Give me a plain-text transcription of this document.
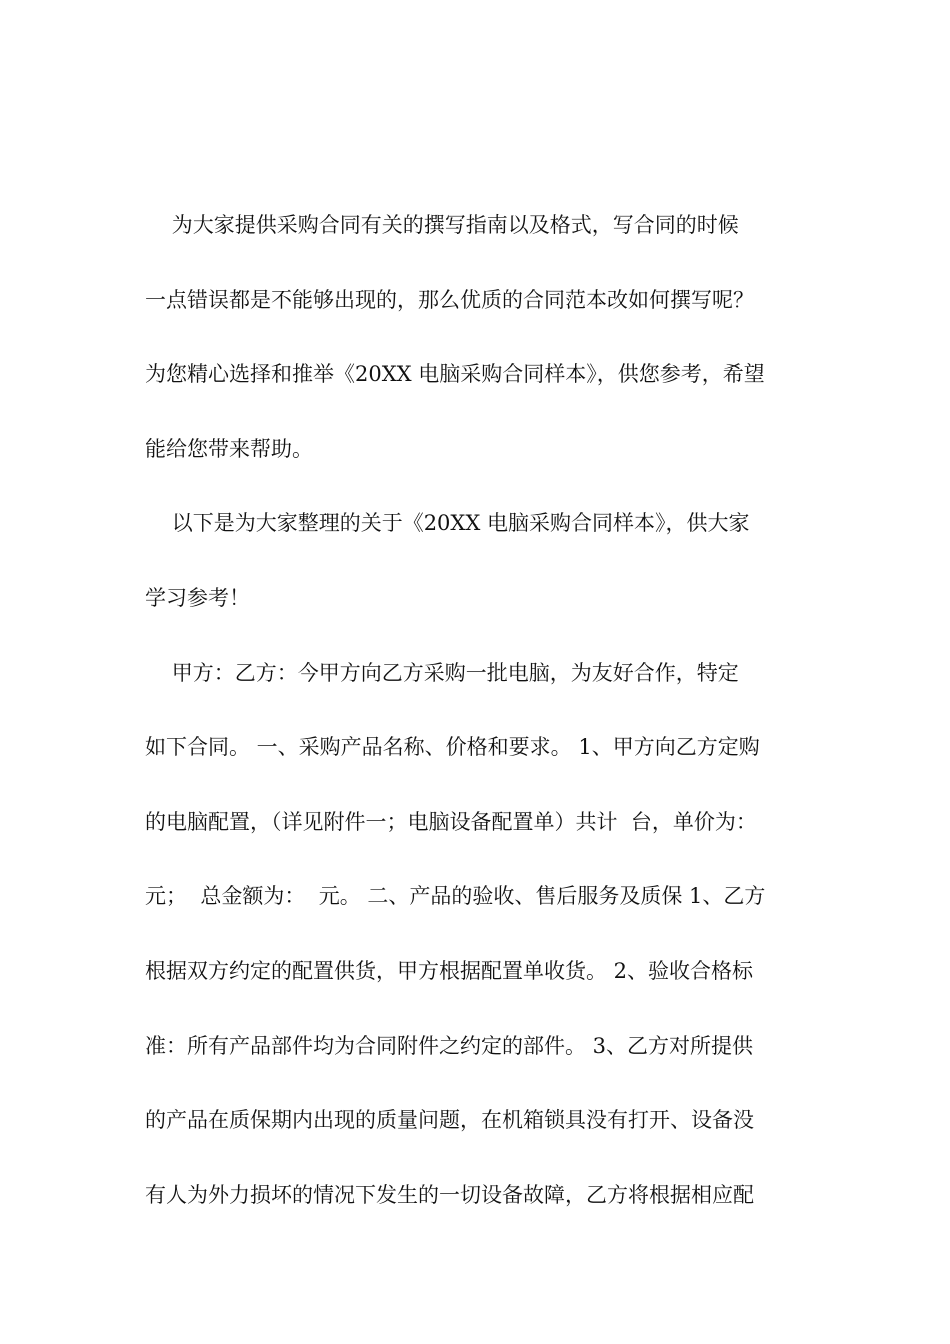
为大家提供采购合同有关的撰写指南以及格式，写合同的时候
一点错误都是不能够出现的，那么优质的合同范本改如何撰写呢？
为您精心选择和推举《20XX 电脑采购合同样本》，供您参考，希望
能给您带来帮助。
以下是为大家整理的关于《20XX 电脑采购合同样本》，供大家
学习参考！
甲方：乙方：今甲方向乙方采购一批电脑，为友好合作，特定
如下合同。 一、采购产品名称、价格和要求。 1、甲方向乙方定购
的电脑配置，（详见附件一；电脑设备配置单）共计  台，单价为：
元；  总金额为：  元。 二、产品的验收、售后服务及质保 1、乙方
根据双方约定的配置供货，甲方根据配置单收货。 2、验收合格标
准：所有产品部件均为合同附件之约定的部件。 3、乙方对所提供
的产品在质保期内出现的质量问题，在机箱锁具没有打开、设备没
有人为外力损坏的情况下发生的一切设备故障，乙方将根据相应配
